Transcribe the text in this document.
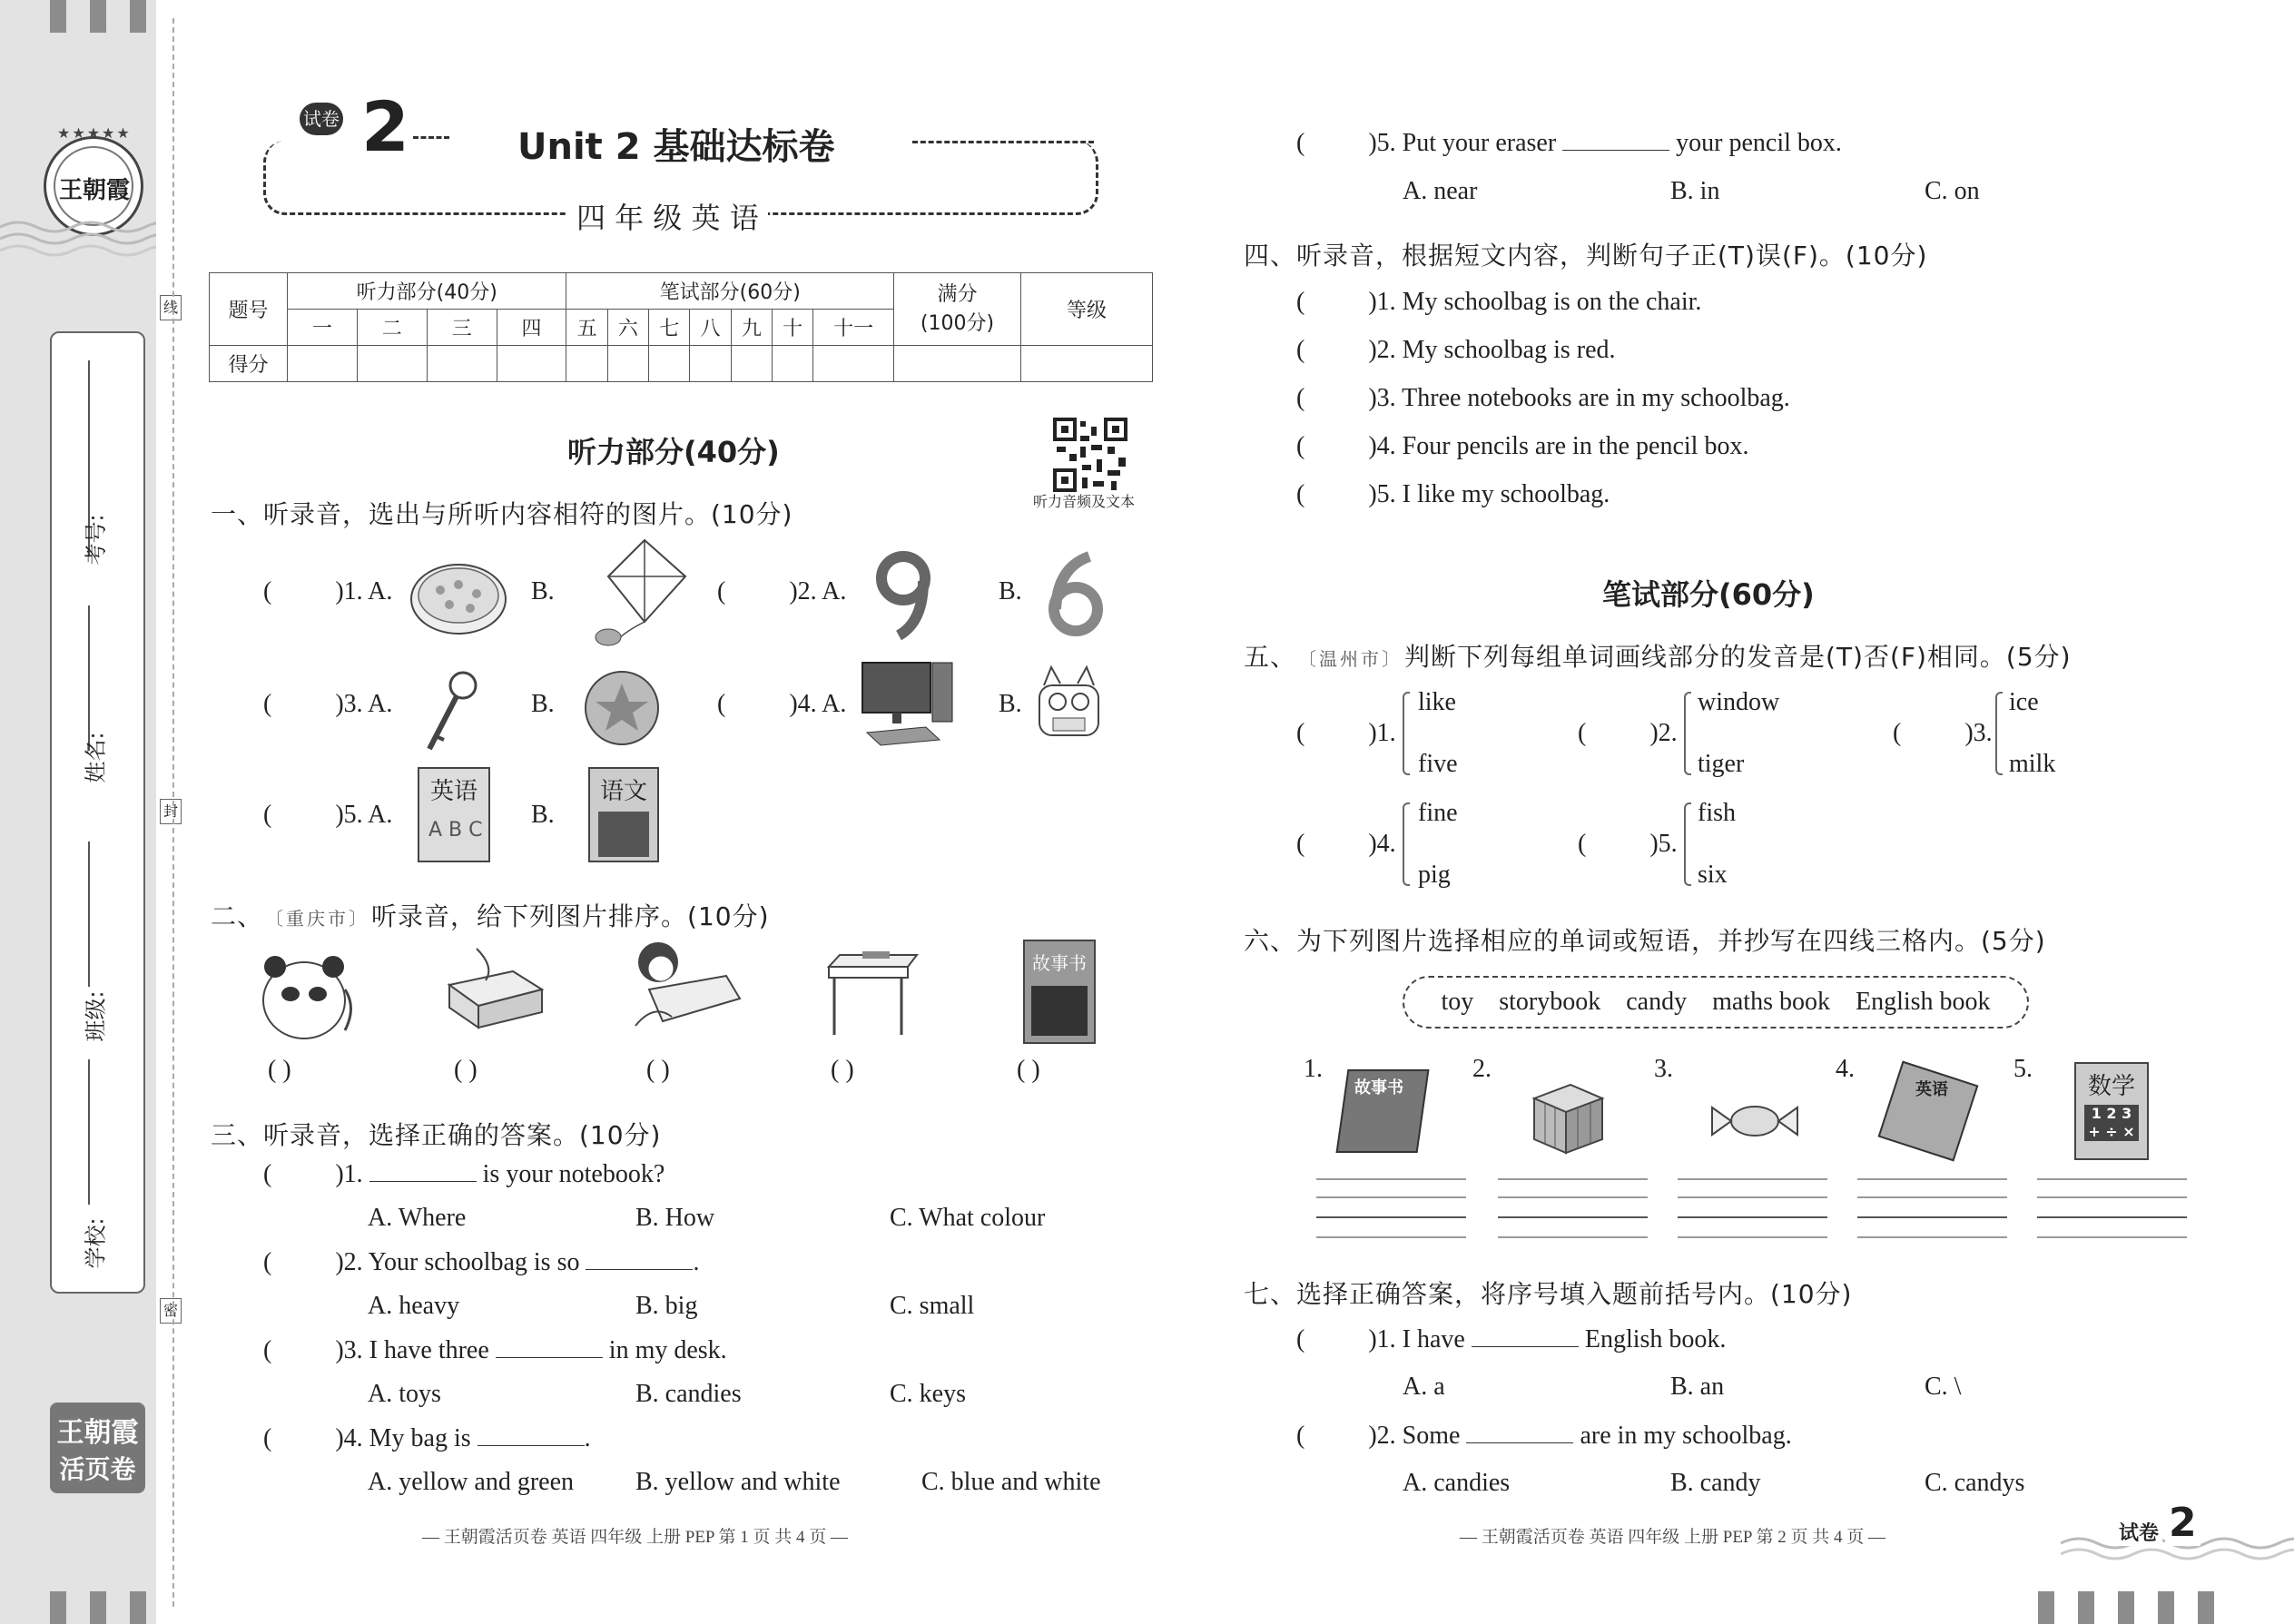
★★★★★
王朝霞
考号:
姓名:
班级:
学校:
线
封
密
王朝霞
活页卷
试卷 2	Unit 2 基础达标卷
四 年 级 英 语
题号	听力部分(40分)				笔试部分(60分)							满分
(100分)	等级
	一	二	三	四	五	六	七	八	九	十	十一		
得分													
听力音频及文本
听力部分(40分)
一、听录音，选出与所听内容相符的图片。(10分)
(	)1. A.	B.	(	)2. A.	B.
(	)3. A.	B.	(	)4. A.	B.
(	)5. A.
英语
A B C
B.
语文
二、 〔重庆市〕听录音，给下列图片排序。(10分)
故事书
( )	( )	( )	( )	( )
三、听录音，选择正确的答案。(10分)
(	)1.	is your notebook?
A. Where	B. How	C. What colour
(	)2. Your schoolbag is so	.
A. heavy	B. big	C. small
(	)3. I have three	in my desk.
A. toys	B. candies	C. keys
(	)4. My bag is	.
A. yellow and green B. yellow and white	C. blue and white
— 王朝霞活页卷 英语 四年级 上册 PEP 第 1 页 共 4 页 —
(	)5. Put your eraser	your pencil box.
A. near	B. in	C. on
四、听录音，根据短文内容，判断句子正(T)误(F)。(10分)
(	)1. My schoolbag is on the chair.
(	)2. My schoolbag is red.
(	)3. Three notebooks are in my schoolbag.
(	)4. Four pencils are in the pencil box.
(	)5. I like my schoolbag.
笔试部分(60分)
五、 〔温州市〕判断下列每组单词画线部分的发音是(T)否(F)相同。(5分)
(	)1.
like
five
(	)2.
window
tiger
(	)3.
ice
milk
(	)4.
fine
pig
(	)5.
fish
six
六、为下列图片选择相应的单词或短语，并抄写在四线三格内。(5分)
toy    storybook    candy    maths book    English book
1.
故事书
2.	3.	4.
英语
5.
数学
1 2 3
+ ÷ ×
七、选择正确答案，将序号填入题前括号内。(10分)
(	)1. I have	English book.
A. a	B. an	C. \
(	)2. Some	are in my schoolbag.
A. candies	B. candy	C. candys
— 王朝霞活页卷 英语 四年级 上册 PEP 第 2 页 共 4 页 —	试卷 2
